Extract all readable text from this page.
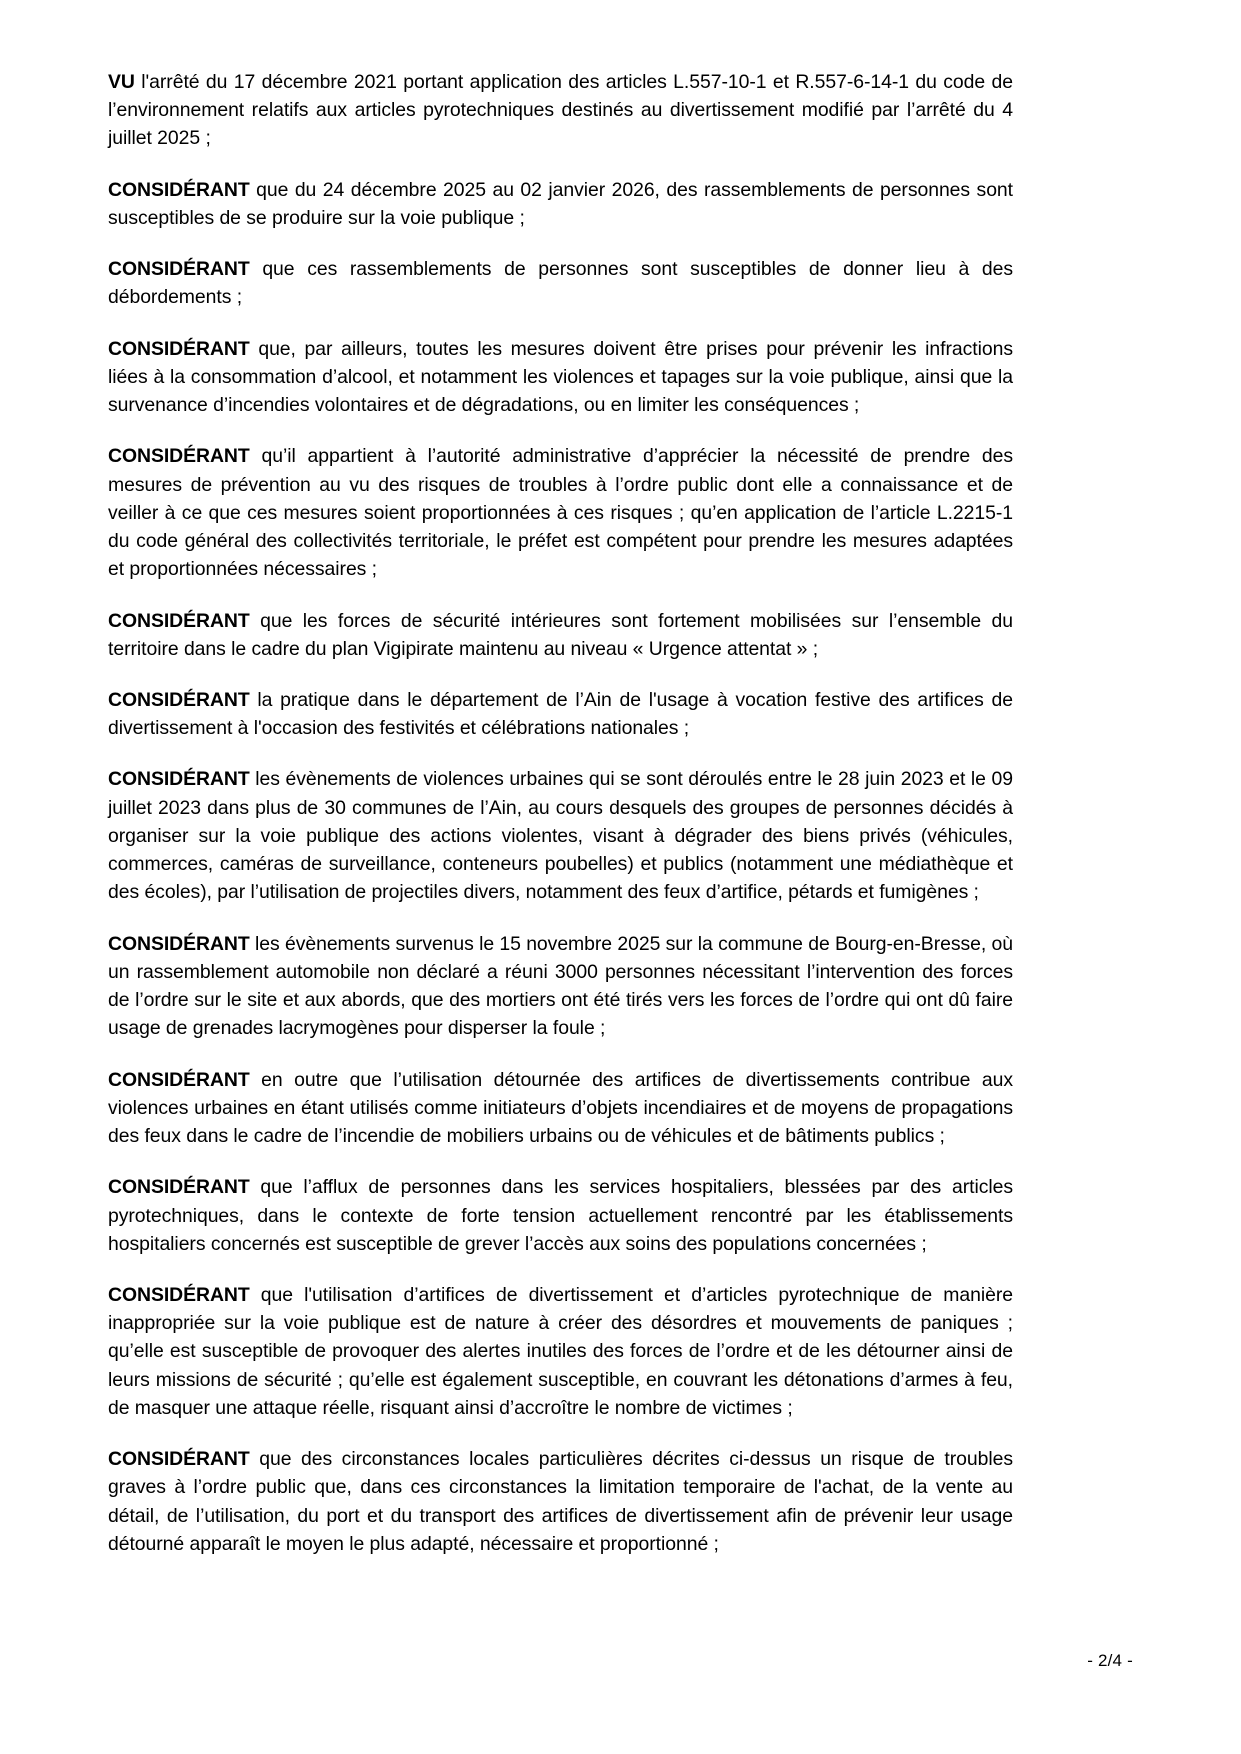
VU l'arrêté du 17 décembre 2021 portant application des articles L.557-10-1 et R.557-6-14-1 du code de l’environnement relatifs aux articles pyrotechniques destinés au divertissement modifié par l’arrêté du 4 juillet 2025 ;

CONSIDÉRANT que du 24 décembre 2025 au 02 janvier 2026, des rassemblements de personnes sont susceptibles de se produire sur la voie publique ;

CONSIDÉRANT que ces rassemblements de personnes sont susceptibles de donner lieu à des débordements ;

CONSIDÉRANT que, par ailleurs, toutes les mesures doivent être prises pour prévenir les infractions liées à la consommation d’alcool, et notamment les violences et tapages sur la voie publique, ainsi que la survenance d’incendies volontaires et de dégradations, ou en limiter les conséquences ;

CONSIDÉRANT qu’il appartient à l’autorité administrative d’apprécier la nécessité de prendre des mesures de prévention au vu des risques de troubles à l’ordre public dont elle a connaissance et de veiller à ce que ces mesures soient proportionnées à ces risques ; qu’en application de l’article L.2215-1 du code général des collectivités territoriale, le préfet est compétent pour prendre les mesures adaptées et proportionnées nécessaires ;

CONSIDÉRANT que les forces de sécurité intérieures sont fortement mobilisées sur l’ensemble du territoire dans le cadre du plan Vigipirate maintenu au niveau « Urgence attentat » ;

CONSIDÉRANT la pratique dans le département de l’Ain de l'usage à vocation festive des artifices de divertissement à l'occasion des festivités et célébrations nationales ;

CONSIDÉRANT les évènements de violences urbaines qui se sont déroulés entre le 28 juin 2023 et le 09 juillet 2023 dans plus de 30 communes de l’Ain, au cours desquels des groupes de personnes décidés à organiser sur la voie publique des actions violentes, visant à dégrader des biens privés (véhicules, commerces, caméras de surveillance, conteneurs poubelles) et publics (notamment une médiathèque et des écoles), par l’utilisation de projectiles divers, notamment des feux d’artifice, pétards et fumigènes ;

CONSIDÉRANT les évènements survenus le 15 novembre 2025 sur la commune de Bourg-en-Bresse, où un rassemblement automobile non déclaré a réuni 3000 personnes nécessitant l’intervention des forces de l’ordre sur le site et aux abords, que des mortiers ont été tirés vers les forces de l’ordre qui ont dû faire usage de grenades lacrymogènes pour disperser la foule ;

CONSIDÉRANT en outre que l’utilisation détournée des artifices de divertissements contribue aux violences urbaines en étant utilisés comme initiateurs d’objets incendiaires et de moyens de propagations des feux dans le cadre de l’incendie de mobiliers urbains ou de véhicules et de bâtiments publics ;

CONSIDÉRANT que l’afflux de personnes dans les services hospitaliers, blessées par des articles pyrotechniques, dans le contexte de forte tension actuellement rencontré par les établissements hospitaliers concernés est susceptible de grever l’accès aux soins des populations concernées ;

CONSIDÉRANT que l'utilisation d’artifices de divertissement et d’articles pyrotechnique de manière inappropriée sur la voie publique est de nature à créer des désordres et mouvements de paniques ; qu’elle est susceptible de provoquer des alertes inutiles des forces de l’ordre et de les détourner ainsi de leurs missions de sécurité ; qu’elle est également susceptible, en couvrant les détonations d’armes à feu, de masquer une attaque réelle, risquant ainsi d’accroître le nombre de victimes ;

CONSIDÉRANT que des circonstances locales particulières décrites ci-dessus un risque de troubles graves à l’ordre public que, dans ces circonstances la limitation temporaire de l'achat, de la vente au détail, de l’utilisation, du port et du transport des artifices de divertissement afin de prévenir leur usage détourné apparaît le moyen le plus adapté, nécessaire et proportionné ;

- 2/4 -
